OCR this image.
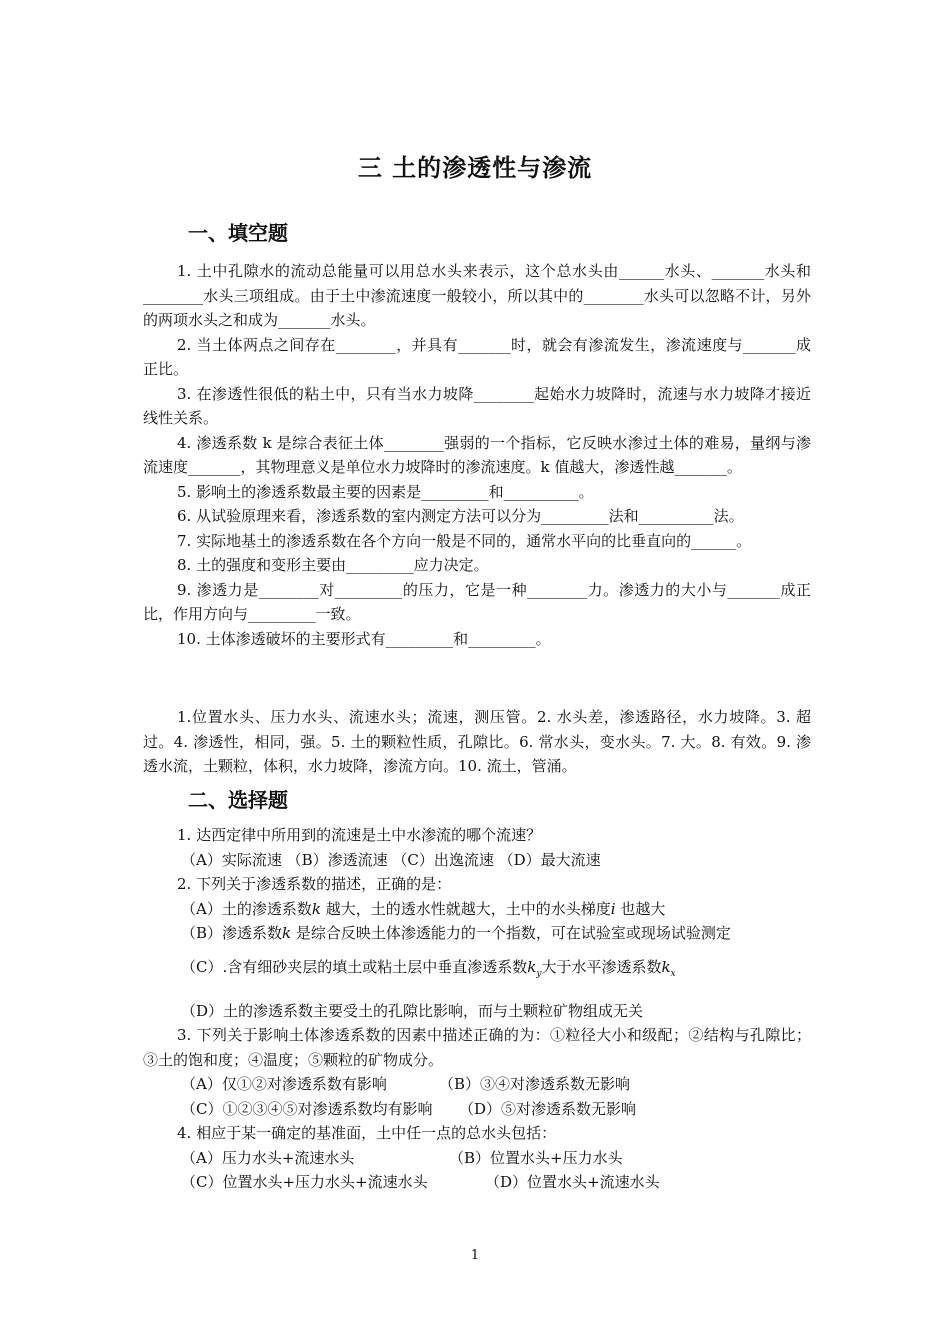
三 土的渗透性与渗流
一、填空题

1. 土中孔隙水的流动总能量可以用总水头来表示，这个总水头由______水头、_______水头和________水头三项组成。由于土中渗流速度一般较小，所以其中的________水头可以忽略不计，另外的两项水头之和成为_______水头。

2. 当土体两点之间存在________，并具有_______时，就会有渗流发生，渗流速度与_______成正比。

3. 在渗透性很低的粘土中，只有当水力坡降________起始水力坡降时，流速与水力坡降才接近线性关系。

4. 渗透系数 k 是综合表征土体________强弱的一个指标，它反映水渗过土体的难易，量纲与渗流速度_______，其物理意义是单位水力坡降时的渗流速度。k 值越大，渗透性越_______。

5. 影响土的渗透系数最主要的因素是_________和__________。

6. 从试验原理来看，渗透系数的室内测定方法可以分为_________法和__________法。

7. 实际地基土的渗透系数在各个方向一般是不同的，通常水平向的比垂直向的______。

8. 土的强度和变形主要由_________应力决定。

9. 渗透力是________对_________的压力，它是一种________力。渗透力的大小与_______成正比，作用方向与_________一致。

10. 土体渗透破坏的主要形式有_________和_________。

1.位置水头、压力水头、流速水头；流速，测压管。2. 水头差，渗透路径，水力坡降。3. 超过。4. 渗透性，相同，强。5. 土的颗粒性质，孔隙比。6. 常水头，变水头。7. 大。8. 有效。9. 渗透水流，土颗粒，体积，水力坡降，渗流方向。10. 流土，管涌。

二、选择题

1. 达西定律中所用到的流速是土中水渗流的哪个流速？

（A）实际流速 （B）渗透流速 （C）出逸流速 （D）最大流速

2. 下列关于渗透系数的描述，正确的是：

（A）土的渗透系数k 越大，土的透水性就越大，土中的水头梯度i 也越大

（B）渗透系数k 是综合反映土体渗透能力的一个指数，可在试验室或现场试验测定

（C）.含有细砂夹层的填土或粘土层中垂直渗透系数$k_y$大于水平渗透系数$k_x$

（D）土的渗透系数主要受土的孔隙比影响，而与土颗粒矿物组成无关

3. 下列关于影响土体渗透系数的因素中描述正确的为：①粒径大小和级配；②结构与孔隙比；③土的饱和度；④温度；⑤颗粒的矿物成分。

（A）仅①②对渗透系数有影响	（B）③④对渗透系数无影响

（C）①②③④⑤对渗透系数均有影响 （D）⑤对渗透系数无影响

4. 相应于某一确定的基准面，土中任一点的总水头包括：

（A）压力水头+流速水头	（B）位置水头+压力水头

（C）位置水头+压力水头+流速水头	（D）位置水头+流速水头

1
